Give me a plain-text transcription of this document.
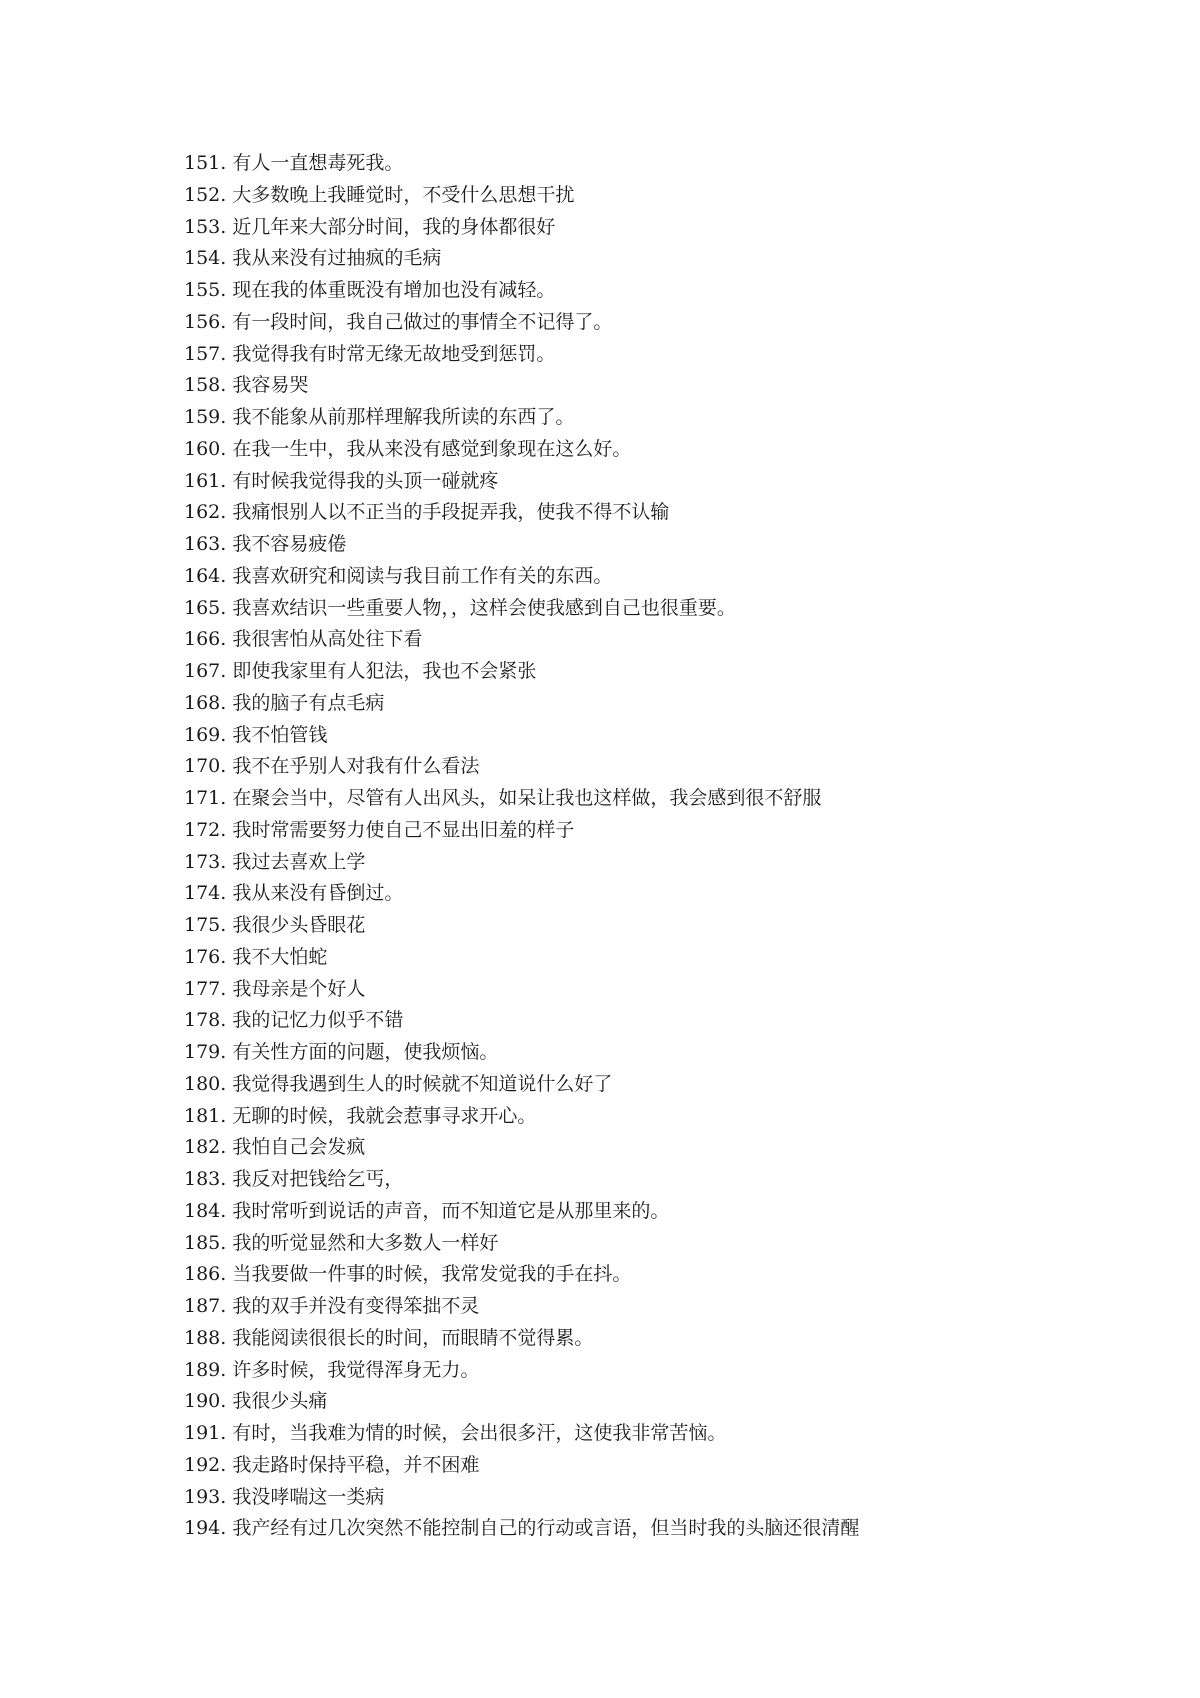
151. 有人一直想毒死我。
152. 大多数晚上我睡觉时，不受什么思想干扰
153. 近几年来大部分时间，我的身体都很好
154. 我从来没有过抽疯的毛病
155. 现在我的体重既没有增加也没有减轻。
156. 有一段时间，我自己做过的事情全不记得了。
157. 我觉得我有时常无缘无故地受到惩罚。
158. 我容易哭
159. 我不能象从前那样理解我所读的东西了。
160. 在我一生中，我从来没有感觉到象现在这么好。
161. 有时候我觉得我的头顶一碰就疼
162. 我痛恨别人以不正当的手段捉弄我，使我不得不认输
163. 我不容易疲倦
164. 我喜欢研究和阅读与我目前工作有关的东西。
165. 我喜欢结识一些重要人物，，这样会使我感到自己也很重要。
166. 我很害怕从高处往下看
167. 即使我家里有人犯法，我也不会紧张
168. 我的脑子有点毛病
169. 我不怕管钱
170. 我不在乎别人对我有什么看法
171. 在聚会当中，尽管有人出风头，如呆让我也这样做，我会感到很不舒服
172. 我时常需要努力使自己不显出旧羞的样子
173. 我过去喜欢上学
174. 我从来没有昏倒过。
175. 我很少头昏眼花
176. 我不大怕蛇
177. 我母亲是个好人
178. 我的记忆力似乎不错
179. 有关性方面的问题，使我烦恼。
180. 我觉得我遇到生人的时候就不知道说什么好了
181. 无聊的时候，我就会惹事寻求开心。
182. 我怕自己会发疯
183. 我反对把钱给乞丐，
184. 我时常听到说话的声音，而不知道它是从那里来的。
185. 我的听觉显然和大多数人一样好
186. 当我要做一件事的时候，我常发觉我的手在抖。
187. 我的双手并没有变得笨拙不灵
188. 我能阅读很很长的时间，而眼睛不觉得累。
189. 许多时候，我觉得浑身无力。
190. 我很少头痛
191. 有时，当我难为情的时候，会出很多汗，这使我非常苦恼。
192. 我走路时保持平稳，并不困难
193. 我没哮喘这一类病
194. 我产经有过几次突然不能控制自己的行动或言语，但当时我的头脑还很清醒
